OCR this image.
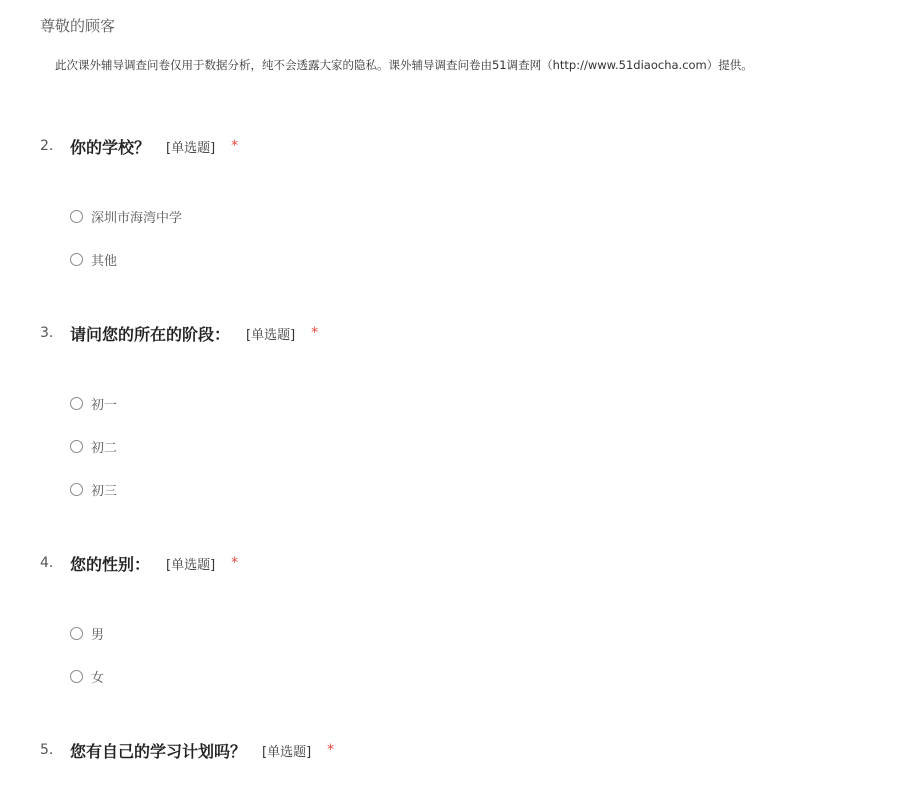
尊敬的顾客
此次课外辅导调查问卷仅用于数据分析，纯不会透露大家的隐私。课外辅导调查问卷由51调查网（http://www.51diaocha.com）提供。
2.	你的学校？ [单选题] *
深圳市海湾中学
其他
3.	请问您的所在的阶段： [单选题] *
初一
初二
初三
4.	您的性别： [单选题] *
男
女
5.	您有自己的学习计划吗？ [单选题] *
